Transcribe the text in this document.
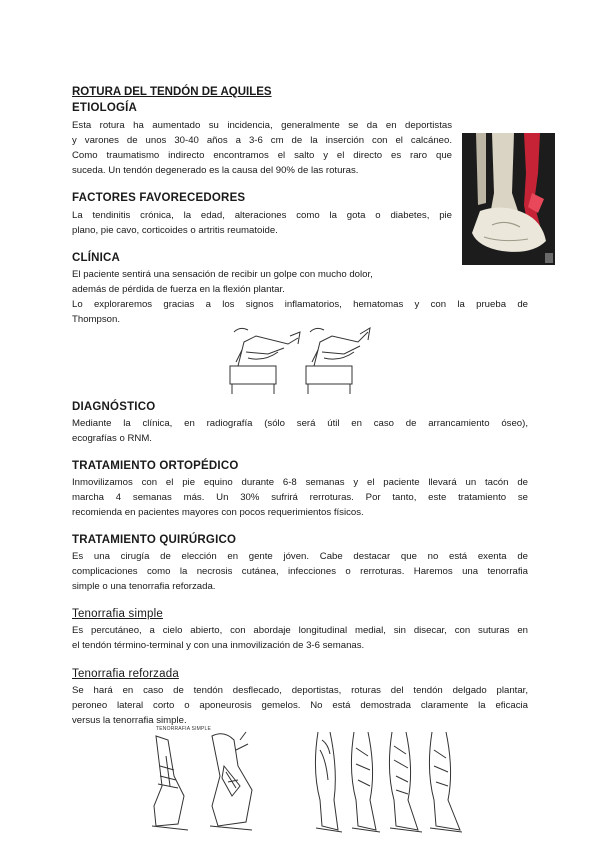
ROTURA DEL TENDÓN DE AQUILES
ETIOLOGÍA
Esta rotura ha aumentado su incidencia, generalmente se da en deportistas
y varones de unos 30-40 años a 3-6 cm de la inserción con el calcáneo.
Como traumatismo indirecto encontramos el salto y el directo es raro que
suceda. Un tendón degenerado es la causa del 90% de las roturas.
FACTORES FAVORECEDORES
La tendinitis crónica, la edad, alteraciones como la gota o diabetes, pie
plano, pie cavo, corticoides o artritis reumatoide.
CLÍNICA
El paciente sentirá una sensación de recibir un golpe con mucho dolor,
además de pérdida de fuerza en la flexión plantar.
Lo exploraremos gracias a los signos inflamatorios, hematomas y con la prueba de
Thompson.
DIAGNÓSTICO
Mediante la clínica, en radiografía (sólo será útil en caso de arrancamiento óseo),
ecografías o RNM.
TRATAMIENTO ORTOPÉDICO
Inmovilizamos con el pie equino durante 6-8 semanas y el paciente llevará un tacón de
marcha 4 semanas más. Un 30% sufrirá rerroturas. Por tanto, este tratamiento se
recomienda en pacientes mayores con pocos requerimientos físicos.
TRATAMIENTO QUIRÚRGICO
Es una cirugía de elección en gente jóven. Cabe destacar que no está exenta de
complicaciones como la necrosis cutánea, infecciones o rerroturas. Haremos una tenorrafia
simple o una tenorrafia reforzada.
Tenorrafia simple
Es percutáneo, a cielo abierto, con abordaje longitudinal medial, sin disecar, con suturas en
el tendón término-terminal y con una inmovilización de 3-6 semanas.
Tenorrafia reforzada
Se hará en caso de tendón desflecado, deportistas, roturas del tendón delgado plantar,
peroneo lateral corto o aponeurosis gemelos. No está demostrada claramente la eficacia
versus la tenorrafia simple.
TENORRAFIA SIMPLE
